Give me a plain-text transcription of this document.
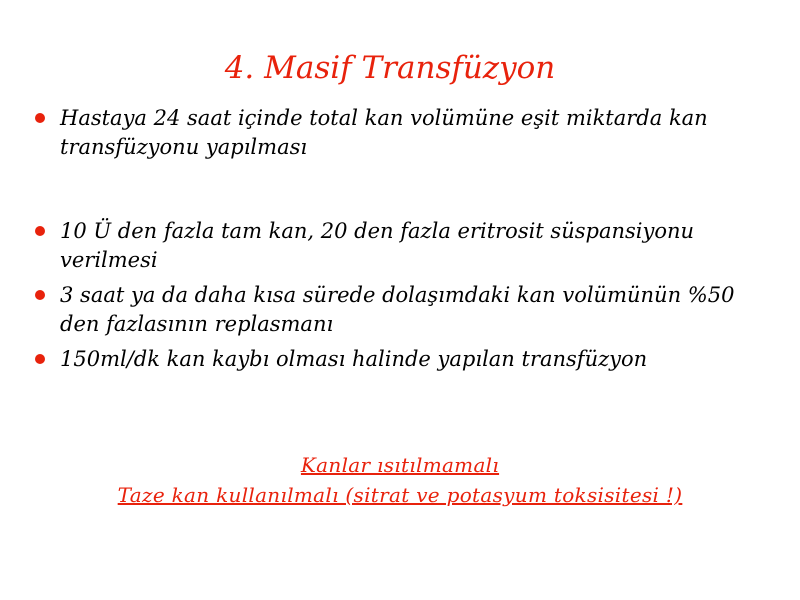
4. Masif Transfüzyon
Hastaya 24 saat içinde total kan volümüne eşit miktarda kan transfüzyonu yapılması
10 Ü den fazla tam kan, 20 den fazla eritrosit süspansiyonu verilmesi
3 saat ya da daha kısa sürede dolaşımdaki kan volümünün %50 den fazlasının replasmanı
150ml/dk kan kaybı olması halinde yapılan transfüzyon
Kanlar ısıtılmamalı
Taze kan kullanılmalı (sitrat ve potasyum toksisitesi !)
